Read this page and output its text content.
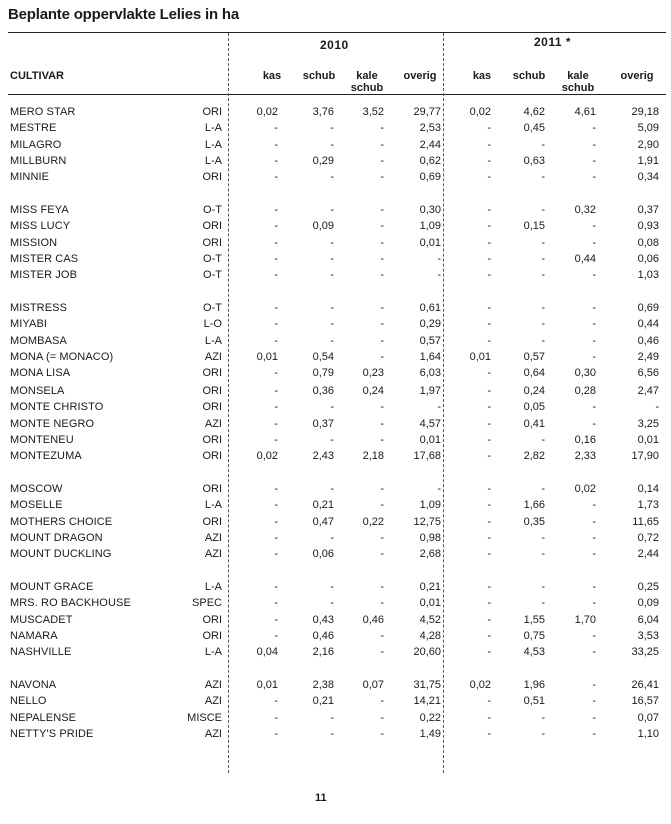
Beplante oppervlakte Lelies in ha
2010	2011 *
CULTIVAR	kas	schub	kale
schub
overig	kas	schub	kale
schub
overig
MERO STAR	ORI	0,02	3,76	3,52	29,77	0,02	4,62	4,61	29,18
MESTRE	L-A	-	-	-	2,53	-	0,45	-	5,09
MILAGRO	L-A	-	-	-	2,44	-	-	-	2,90
MILLBURN	L-A	-	0,29	-	0,62	-	0,63	-	1,91
MINNIE	ORI	-	-	-	0,69	-	-	-	0,34
MISS FEYA	O-T	-	-	-	0,30	-	-	0,32	0,37
MISS LUCY	ORI	-	0,09	-	1,09	-	0,15	-	0,93
MISSION	ORI	-	-	-	0,01	-	-	-	0,08
MISTER CAS	O-T	-	-	-	-	-	-	0,44	0,06
MISTER JOB	O-T	-	-	-	-	-	-	-	1,03
MISTRESS	O-T	-	-	-	0,61	-	-	-	0,69
MIYABI	L-O	-	-	-	0,29	-	-	-	0,44
MOMBASA	L-A	-	-	-	0,57	-	-	-	0,46
MONA (= MONACO)	AZI	0,01	0,54	-	1,64	0,01	0,57	-	2,49
MONA LISA	ORI	-	0,79	0,23	6,03	-	0,64	0,30	6,56
MONSELA	ORI	-	0,36	0,24	1,97	-	0,24	0,28	2,47
MONTE CHRISTO	ORI	-	-	-	-	-	0,05	-	-
MONTE NEGRO	AZI	-	0,37	-	4,57	-	0,41	-	3,25
MONTENEU	ORI	-	-	-	0,01	-	-	0,16	0,01
MONTEZUMA	ORI	0,02	2,43	2,18	17,68	-	2,82	2,33	17,90
MOSCOW	ORI	-	-	-	-	-	-	0,02	0,14
MOSELLE	L-A	-	0,21	-	1,09	-	1,66	-	1,73
MOTHERS CHOICE	ORI	-	0,47	0,22	12,75	-	0,35	-	11,65
MOUNT DRAGON	AZI	-	-	-	0,98	-	-	-	0,72
MOUNT DUCKLING	AZI	-	0,06	-	2,68	-	-	-	2,44
MOUNT GRACE	L-A	-	-	-	0,21	-	-	-	0,25
MRS. RO BACKHOUSE	SPEC	-	-	-	0,01	-	-	-	0,09
MUSCADET	ORI	-	0,43	0,46	4,52	-	1,55	1,70	6,04
NAMARA	ORI	-	0,46	-	4,28	-	0,75	-	3,53
NASHVILLE	L-A	0,04	2,16	-	20,60	-	4,53	-	33,25
NAVONA	AZI	0,01	2,38	0,07	31,75	0,02	1,96	-	26,41
NELLO	AZI	-	0,21	-	14,21	-	0,51	-	16,57
NEPALENSE	MISCE	-	-	-	0,22	-	-	-	0,07
NETTY'S PRIDE	AZI	-	-	-	1,49	-	-	-	1,10
11
